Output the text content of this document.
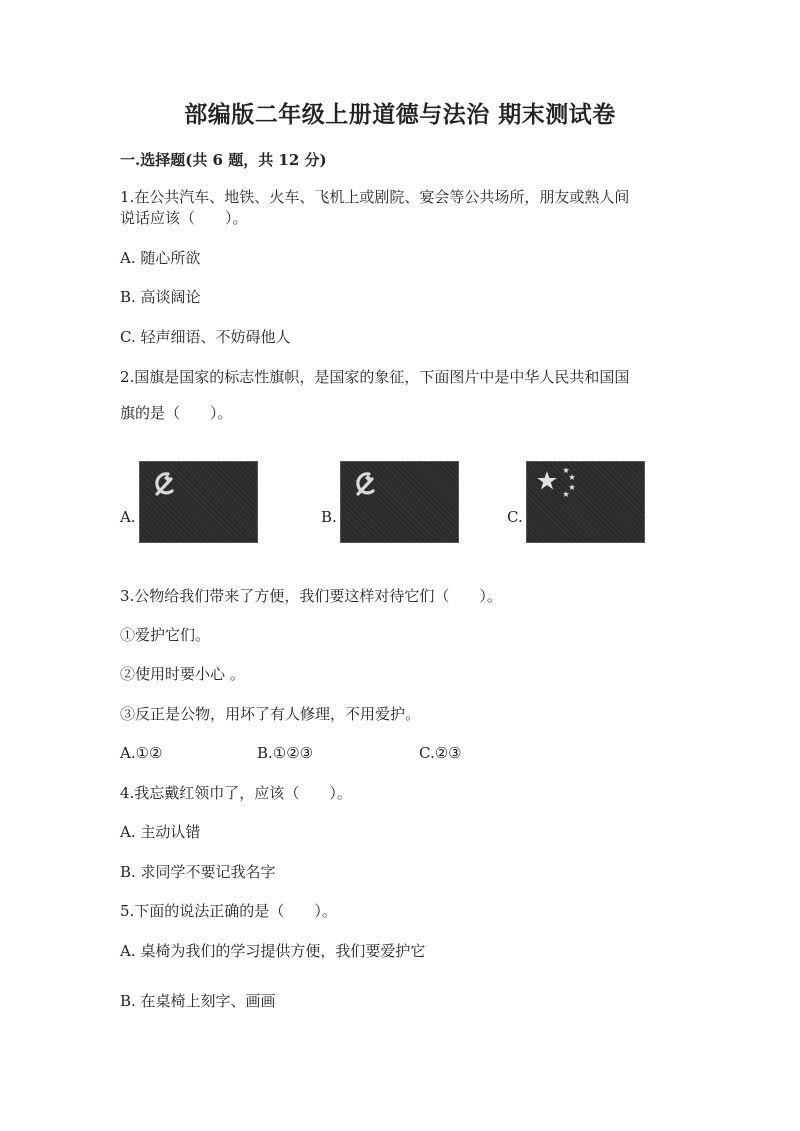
部编版二年级上册道德与法治 期末测试卷
一.选择题(共 6 题，共 12 分)
1.在公共汽车、地铁、火车、飞机上或剧院、宴会等公共场所，朋友或熟人间
说话应该（　　）。
A. 随心所欲
B. 高谈阔论
C. 轻声细语、不妨碍他人
2.国旗是国家的标志性旗帜，是国家的象征，下面图片中是中华人民共和国国
旗的是（　　）。
A.	B.	C.
3.公物给我们带来了方便，我们要这样对待它们（　　）。
①爱护它们。
②使用时要小心 。
③反正是公物，用坏了有人修理，不用爱护。
A.①②	B.①②③	C.②③
4.我忘戴红领巾了，应该（　　）。
A. 主动认错
B. 求同学不要记我名字
5.下面的说法正确的是（　　）。
A. 桌椅为我们的学习提供方便，我们要爱护它
B. 在桌椅上刻字、画画
